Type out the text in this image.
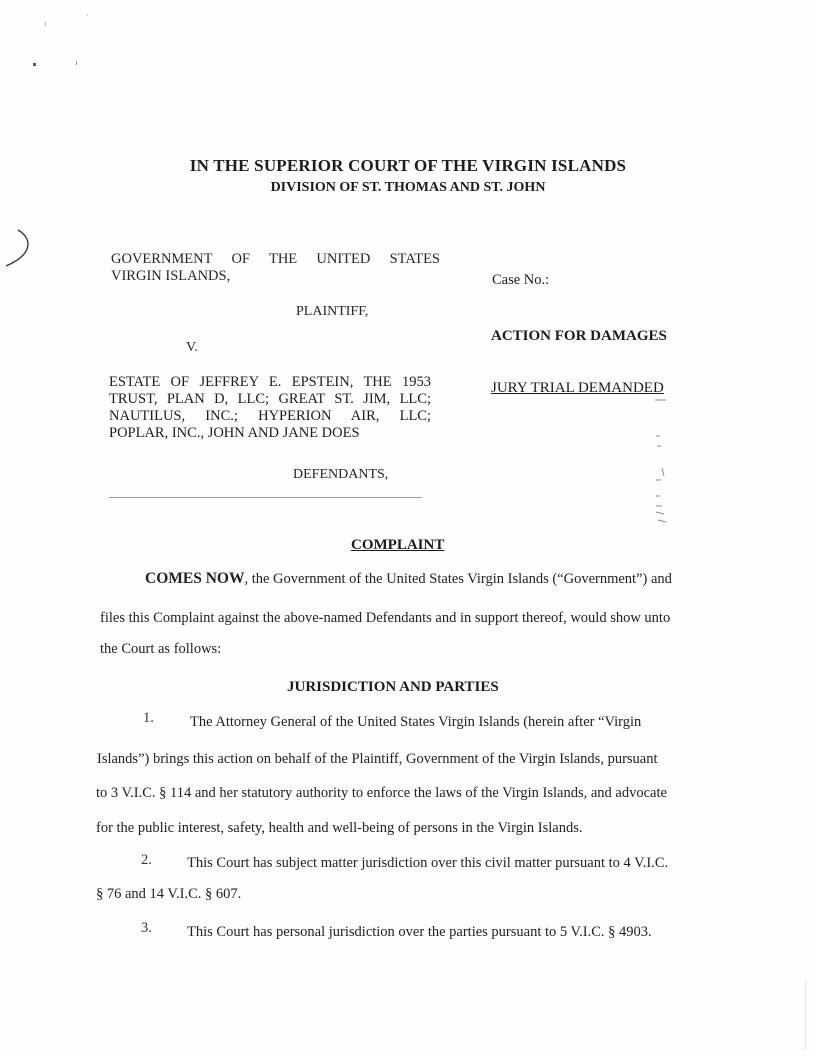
IN THE SUPERIOR COURT OF THE VIRGIN ISLANDS
DIVISION OF ST. THOMAS AND ST. JOHN
GOVERNMENT OF THE UNITED STATES
VIRGIN ISLANDS,
PLAINTIFF,
V.
ESTATE OF JEFFREY E. EPSTEIN, THE 1953
TRUST, PLAN D, LLC; GREAT ST. JIM, LLC;
NAUTILUS, INC.; HYPERION AIR, LLC;
POPLAR, INC., JOHN AND JANE DOES
DEFENDANTS,
Case No.:
ACTION FOR DAMAGES
JURY TRIAL DEMANDED
COMPLAINT
COMES NOW, the Government of the United States Virgin Islands (“Government”) and
files this Complaint against the above-named Defendants and in support thereof, would show unto
the Court as follows:
JURISDICTION AND PARTIES
1. The Attorney General of the United States Virgin Islands (herein after “Virgin
Islands”) brings this action on behalf of the Plaintiff, Government of the Virgin Islands, pursuant
to 3 V.I.C. § 114 and her statutory authority to enforce the laws of the Virgin Islands, and advocate
for the public interest, safety, health and well-being of persons in the Virgin Islands.
2. This Court has subject matter jurisdiction over this civil matter pursuant to 4 V.I.C.
§ 76 and 14 V.I.C. § 607.
3. This Court has personal jurisdiction over the parties pursuant to 5 V.I.C. § 4903.
